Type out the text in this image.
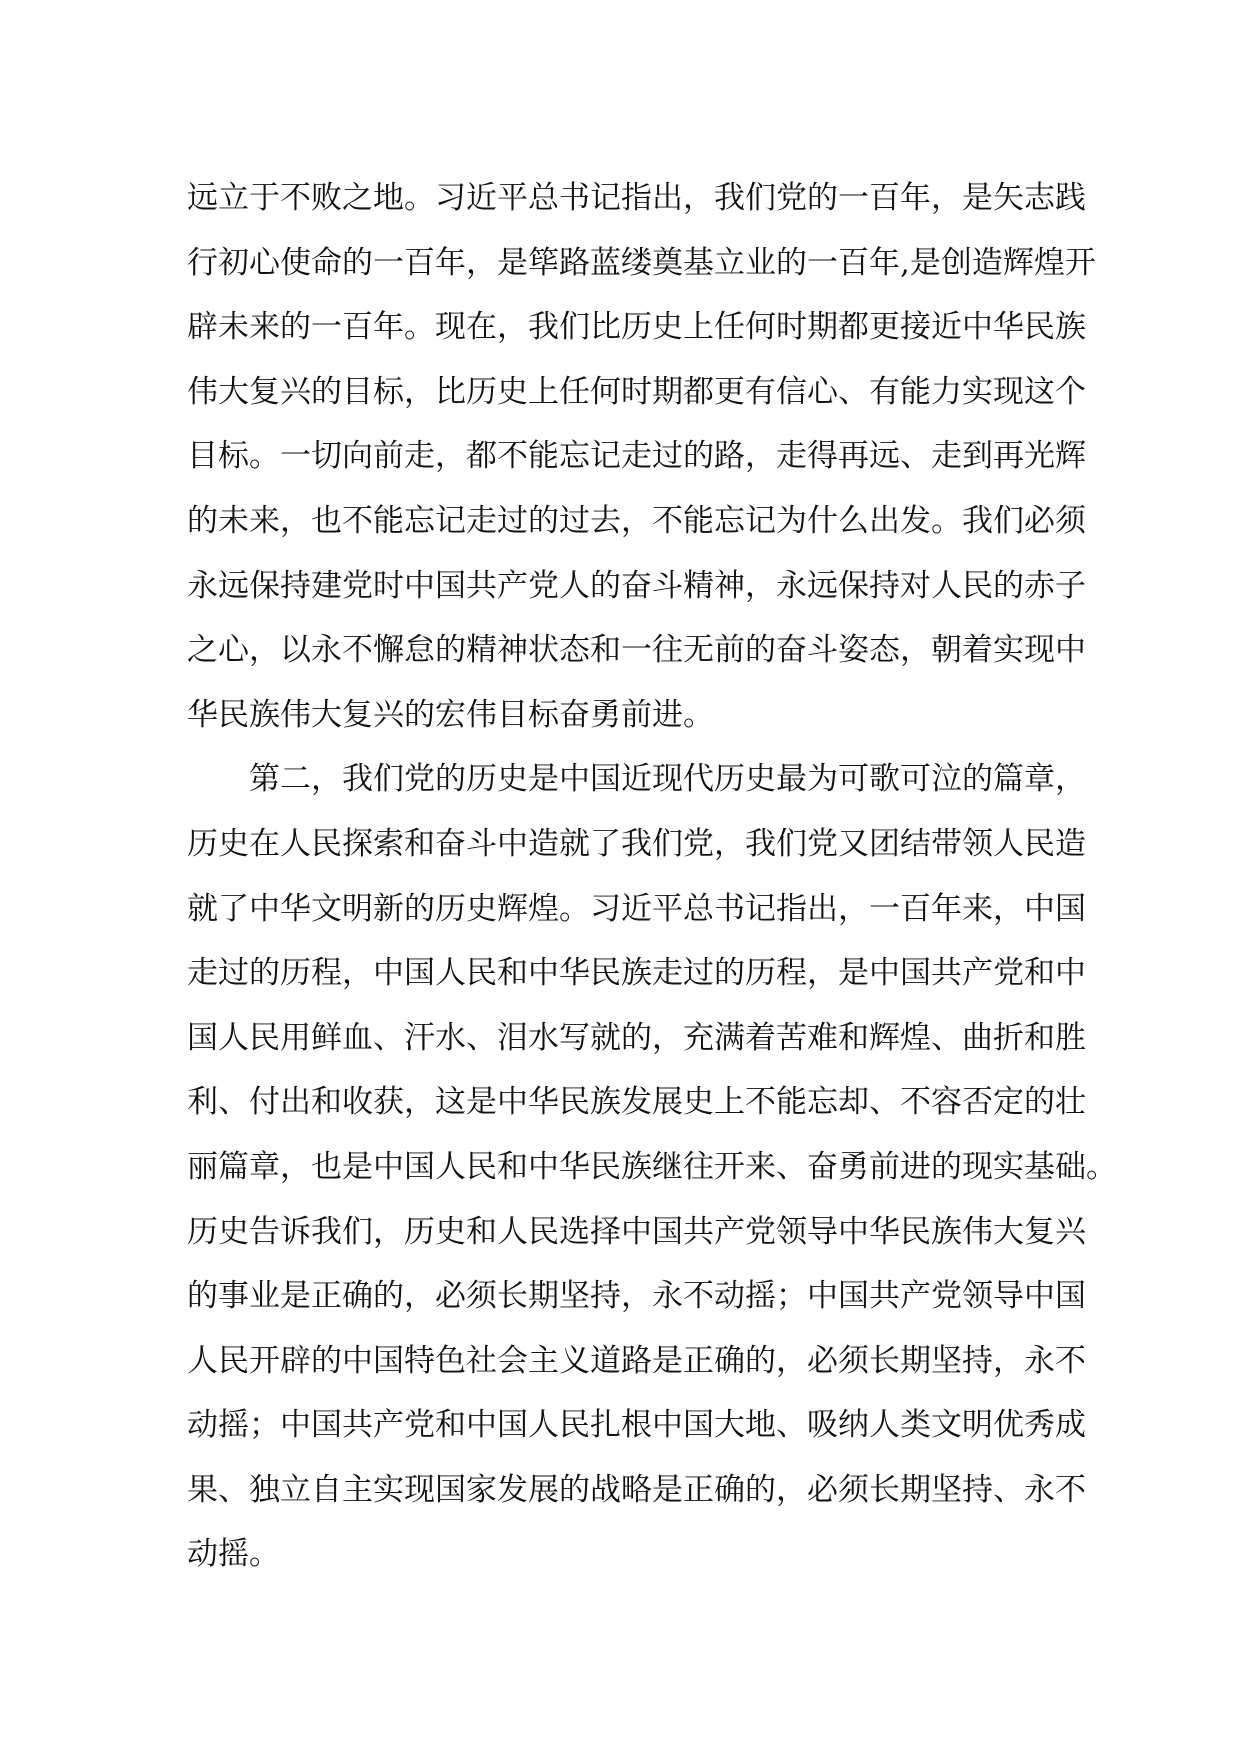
远立于不败之地。习近平总书记指出，我们党的一百年，是矢志践
行初心使命的一百年，是筚路蓝缕奠基立业的一百年,是创造辉煌开
辟未来的一百年。现在，我们比历史上任何时期都更接近中华民族
伟大复兴的目标，比历史上任何时期都更有信心、有能力实现这个
目标。一切向前走，都不能忘记走过的路，走得再远、走到再光辉
的未来，也不能忘记走过的过去，不能忘记为什么出发。我们必须
永远保持建党时中国共产党人的奋斗精神，永远保持对人民的赤子
之心，以永不懈怠的精神状态和一往无前的奋斗姿态，朝着实现中
华民族伟大复兴的宏伟目标奋勇前进。
第二，我们党的历史是中国近现代历史最为可歌可泣的篇章，
历史在人民探索和奋斗中造就了我们党，我们党又团结带领人民造
就了中华文明新的历史辉煌。习近平总书记指出，一百年来，中国
走过的历程，中国人民和中华民族走过的历程，是中国共产党和中
国人民用鲜血、汗水、泪水写就的，充满着苦难和辉煌、曲折和胜
利、付出和收获，这是中华民族发展史上不能忘却、不容否定的壮
丽篇章，也是中国人民和中华民族继往开来、奋勇前进的现实基础。
历史告诉我们，历史和人民选择中国共产党领导中华民族伟大复兴
的事业是正确的，必须长期坚持，永不动摇；中国共产党领导中国
人民开辟的中国特色社会主义道路是正确的，必须长期坚持，永不
动摇；中国共产党和中国人民扎根中国大地、吸纳人类文明优秀成
果、独立自主实现国家发展的战略是正确的，必须长期坚持、永不
动摇。
